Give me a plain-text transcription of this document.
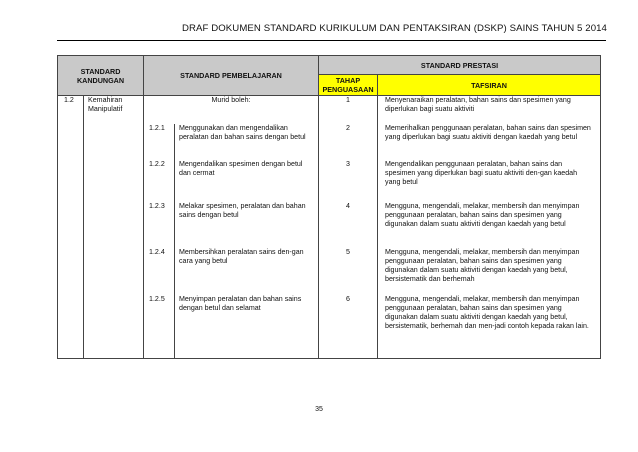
DRAF DOKUMEN STANDARD KURIKULUM DAN PENTAKSIRAN (DSKP) SAINS TAHUN 5 2014
STANDARD KANDUNGAN		STANDARD PEMBELAJARAN		STANDARD PRESTASI	
				TAHAP PENGUASAAN	TAFSIRAN
1.2	Kemahiran Manipulatif	Murid boleh:		1	Menyenaraikan peralatan, bahan sains dan spesimen yang diperlukan bagi suatu aktiviti
		1.2.1	Menggunakan dan mengendalikan peralatan dan bahan sains dengan betul	2	Memerihalkan penggunaan peralatan, bahan sains dan spesimen yang diperlukan bagi suatu aktiviti dengan kaedah yang betul
		1.2.2	Mengendalikan spesimen dengan betul dan cermat	3	Mengendalikan penggunaan peralatan, bahan sains dan spesimen yang diperlukan bagi suatu aktiviti den-gan kaedah yang betul
		1.2.3	Melakar spesimen, peralatan dan bahan sains dengan betul	4	Mengguna, mengendali, melakar, membersih dan menyimpan penggunaan peralatan, bahan sains dan spesimen yang digunakan dalam suatu aktiviti dengan kaedah yang betul
		1.2.4	Membersihkan peralatan sains den-gan cara yang betul	5	Mengguna, mengendali, melakar, membersih dan menyimpan penggunaan peralatan, bahan sains dan spesimen yang digunakan dalam suatu aktiviti dengan kaedah yang betul, bersistematik dan berhemah
		1.2.5	Menyimpan peralatan dan bahan sains dengan betul dan selamat	6	Mengguna, mengendali, melakar, membersih dan menyimpan penggunaan peralatan, bahan sains dan spesimen yang digunakan dalam suatu aktiviti dengan kaedah yang betul, bersistematik, berhemah dan men-jadi contoh kepada rakan lain.
35
